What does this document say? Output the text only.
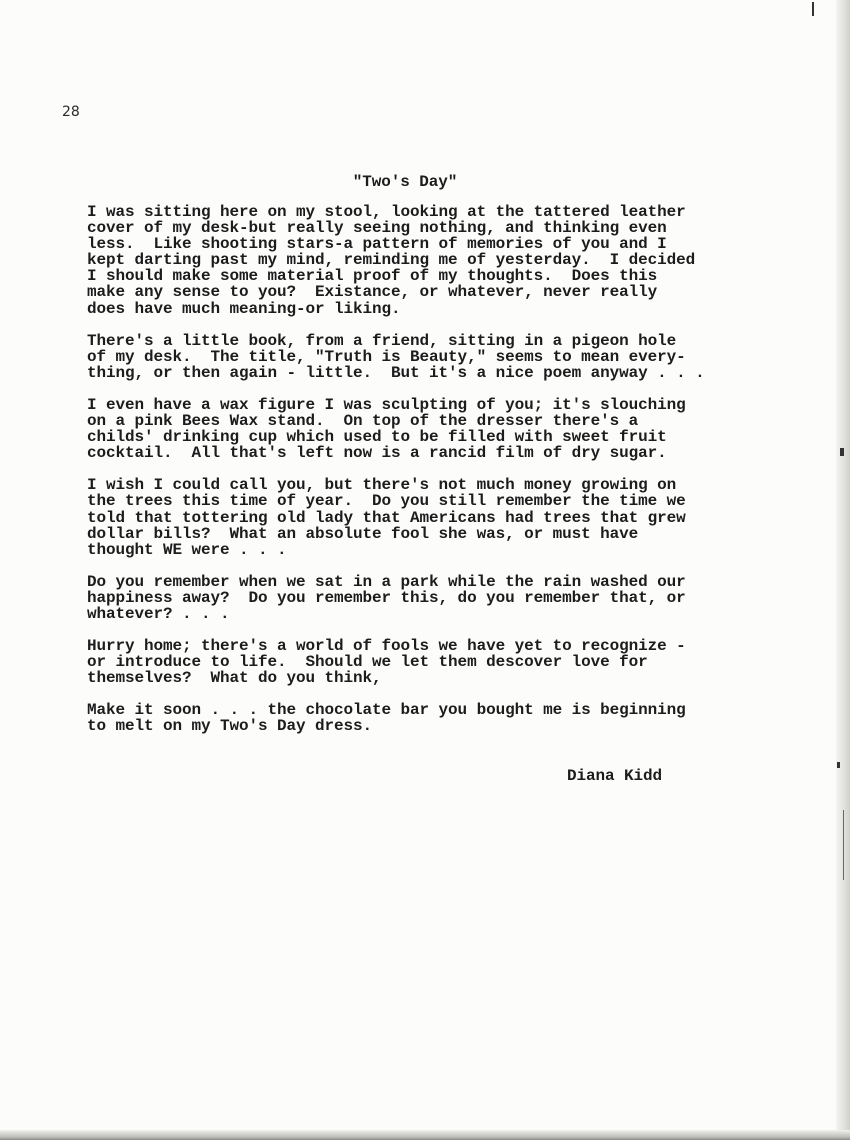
28
"Two's Day"
I was sitting here on my stool, looking at the tattered leather
cover of my desk-but really seeing nothing, and thinking even
less.  Like shooting stars-a pattern of memories of you and I
kept darting past my mind, reminding me of yesterday.  I decided
I should make some material proof of my thoughts.  Does this
make any sense to you?  Existance, or whatever, never really
does have much meaning-or liking.
There's a little book, from a friend, sitting in a pigeon hole
of my desk.  The title, "Truth is Beauty," seems to mean every-
thing, or then again - little.  But it's a nice poem anyway . . .
I even have a wax figure I was sculpting of you; it's slouching
on a pink Bees Wax stand.  On top of the dresser there's a
childs' drinking cup which used to be filled with sweet fruit
cocktail.  All that's left now is a rancid film of dry sugar.
I wish I could call you, but there's not much money growing on
the trees this time of year.  Do you still remember the time we
told that tottering old lady that Americans had trees that grew
dollar bills?  What an absolute fool she was, or must have
thought WE were . . .
Do you remember when we sat in a park while the rain washed our
happiness away?  Do you remember this, do you remember that, or
whatever? . . .
Hurry home; there's a world of fools we have yet to recognize -
or introduce to life.  Should we let them descover love for
themselves?  What do you think,
Make it soon . . . the chocolate bar you bought me is beginning
to melt on my Two's Day dress.
Diana Kidd
